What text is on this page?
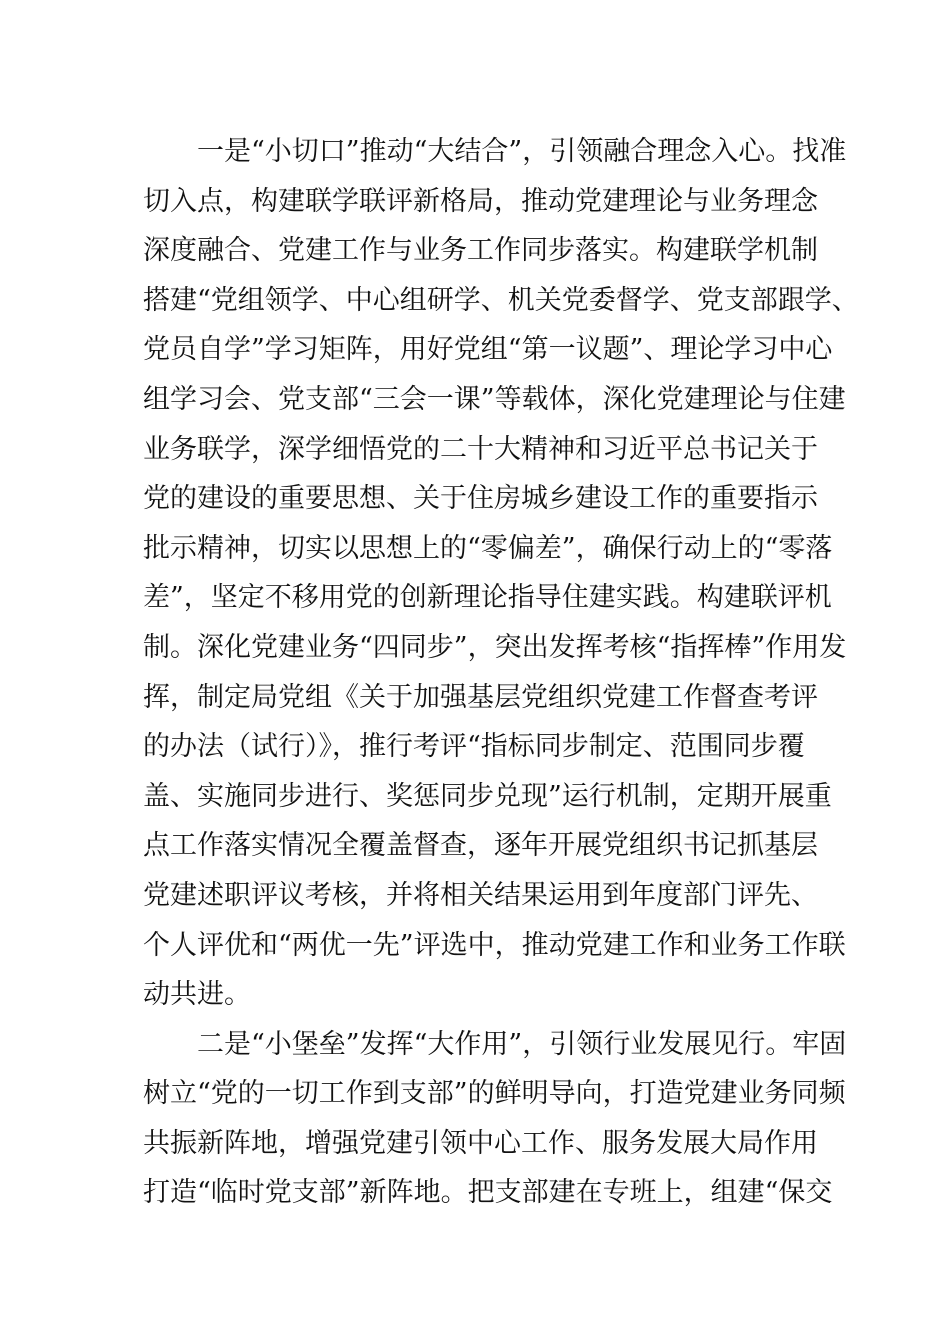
一是“小切口”推动“大结合”，引领融合理念入心。找准
切入点，构建联学联评新格局，推动党建理论与业务理念
深度融合、党建工作与业务工作同步落实。构建联学机制
搭建“党组领学、中心组研学、机关党委督学、党支部跟学、
党员自学”学习矩阵，用好党组“第一议题”、理论学习中心
组学习会、党支部“三会一课”等载体，深化党建理论与住建
业务联学，深学细悟党的二十大精神和习近平总书记关于
党的建设的重要思想、关于住房城乡建设工作的重要指示
批示精神，切实以思想上的“零偏差”，确保行动上的“零落
差”，坚定不移用党的创新理论指导住建实践。构建联评机
制。深化党建业务“四同步”，突出发挥考核“指挥棒”作用发
挥，制定局党组《关于加强基层党组织党建工作督查考评
的办法（试行）》，推行考评“指标同步制定、范围同步覆
盖、实施同步进行、奖惩同步兑现”运行机制，定期开展重
点工作落实情况全覆盖督查，逐年开展党组织书记抓基层
党建述职评议考核，并将相关结果运用到年度部门评先、
个人评优和“两优一先”评选中，推动党建工作和业务工作联
动共进。
二是“小堡垒”发挥“大作用”，引领行业发展见行。牢固
树立“党的一切工作到支部”的鲜明导向，打造党建业务同频
共振新阵地，增强党建引领中心工作、服务发展大局作用
打造“临时党支部”新阵地。把支部建在专班上，组建“保交
